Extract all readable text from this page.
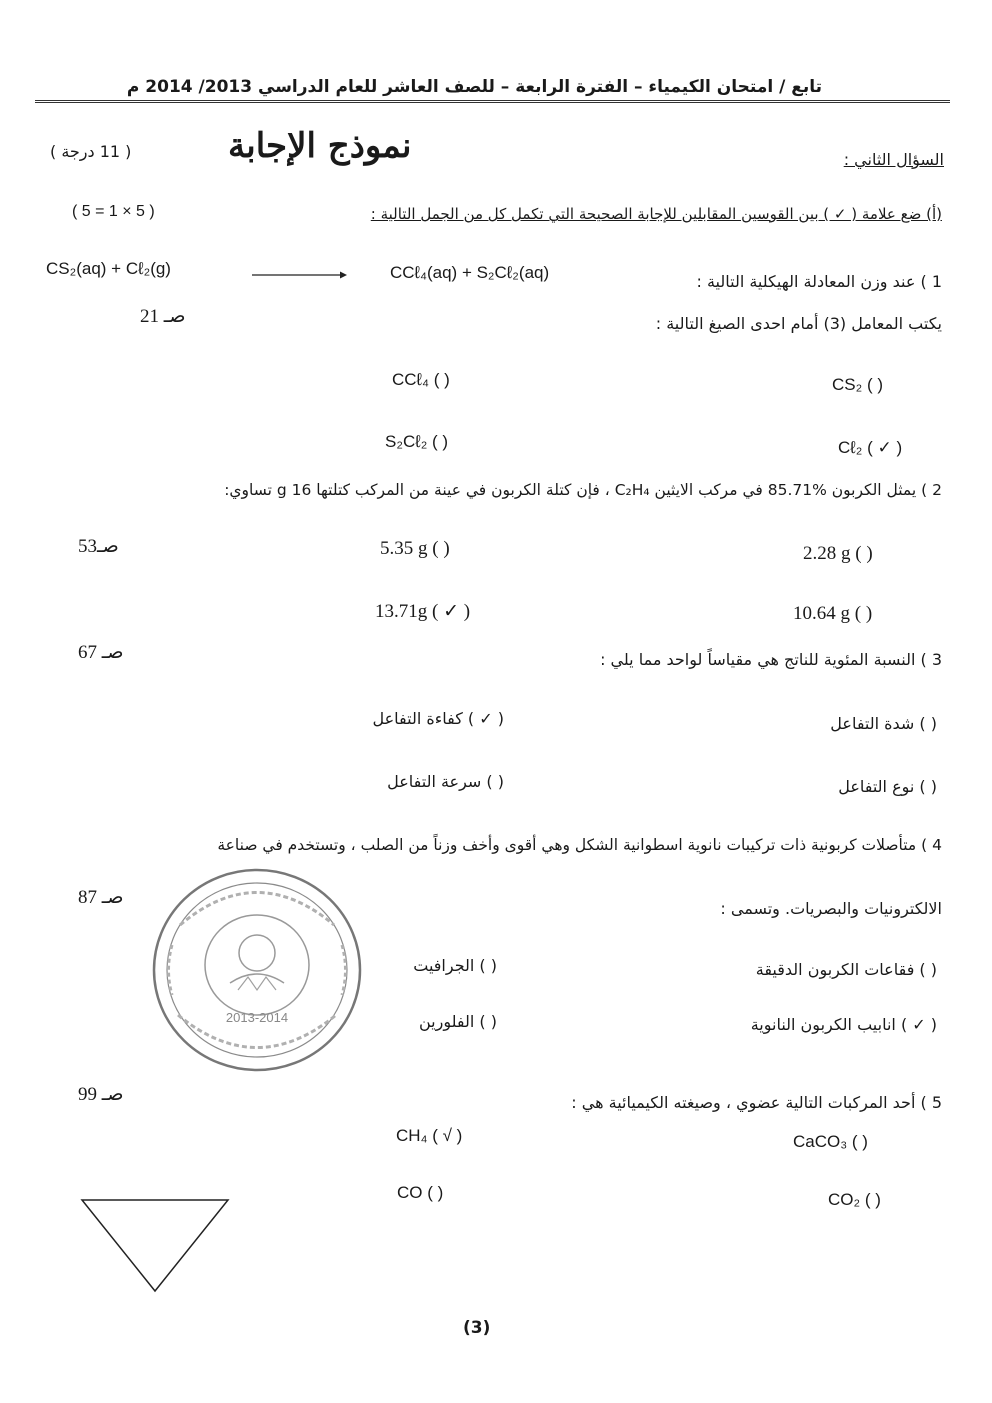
تابع / امتحان الكيمياء – الفترة الرابعة – للصف العاشر للعام الدراسي 2013/ 2014 م
نموذج الإجابة	السؤال الثاني :
( 11 درجة )
(أ) ضع علامة ( ✓ ) بين القوسين المقابلين للإجابة الصحيحة التي تكمل كل من الجمل التالية :
( 5 = 1 × 5 )
CS₂(aq) + Cℓ₂(g)	CCℓ₄(aq) + S₂Cℓ₂(aq)	1 ) عند وزن المعادلة الهيكلية التالية :
صـ 21	يكتب المعامل (3) أمام احدى الصيغ التالية :
CS₂ ( )
CCℓ₄ ( )
Cℓ₂ ( ✓ )
S₂Cℓ₂ ( )
2 ) يمثل الكربون %85.71 في مركب الايثين C₂H₄ ، فإن كتلة الكربون في عينة من المركب كتلتها 16 g تساوي:
صـ53	2.28 g ( )
5.35 g ( )
10.64 g ( )
13.71g ( ✓ )
صـ 67	3 ) النسبة المئوية للناتج هي مقياساً لواحد مما يلي :
( ) شدة التفاعل
( ✓ ) كفاءة التفاعل
( ) نوع التفاعل
( ) سرعة التفاعل
4 ) متأصلات كربونية ذات تركيبات نانوية اسطوانية الشكل وهي أقوى وأخف وزناً من الصلب ، وتستخدم في صناعة
صـ 87
الالكترونيات والبصريات. وتسمى :
( ) فقاعات الكربون الدقيقة
( ) الجرافيت
( ✓ ) انابيب الكربون النانوية
( ) الفلورين
2013-2014
صـ 99	5 ) أحد المركبات التالية عضوي ، وصيغته الكيميائية هي :
CaCO₃ ( )
CH₄ ( √ )
CO₂ ( )
CO ( )
(3)
